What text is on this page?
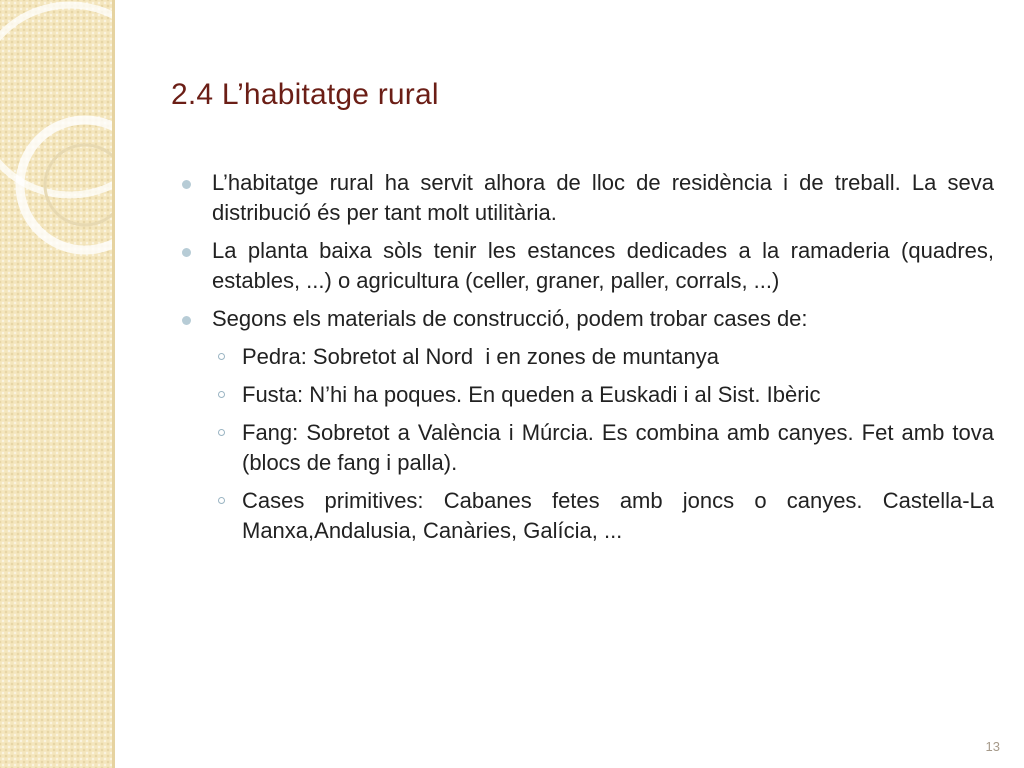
2.4 L’habitatge rural
L’habitatge rural ha servit alhora de lloc de residència i de treball. La seva distribució és per tant molt utilitària.
La planta baixa sòls tenir les estances dedicades a la ramaderia (quadres, estables, ...) o agricultura (celler, graner, paller, corrals, ...)
Segons els materials de construcció, podem trobar cases de:
Pedra: Sobretot al Nord  i en zones de muntanya
Fusta: N’hi ha poques. En queden a Euskadi i al Sist. Ibèric
Fang: Sobretot a València i Múrcia. Es combina amb canyes. Fet amb tova (blocs de fang i palla).
Cases primitives: Cabanes fetes amb joncs o canyes. Castella-La Manxa,Andalusia, Canàries, Galícia, ...
13
